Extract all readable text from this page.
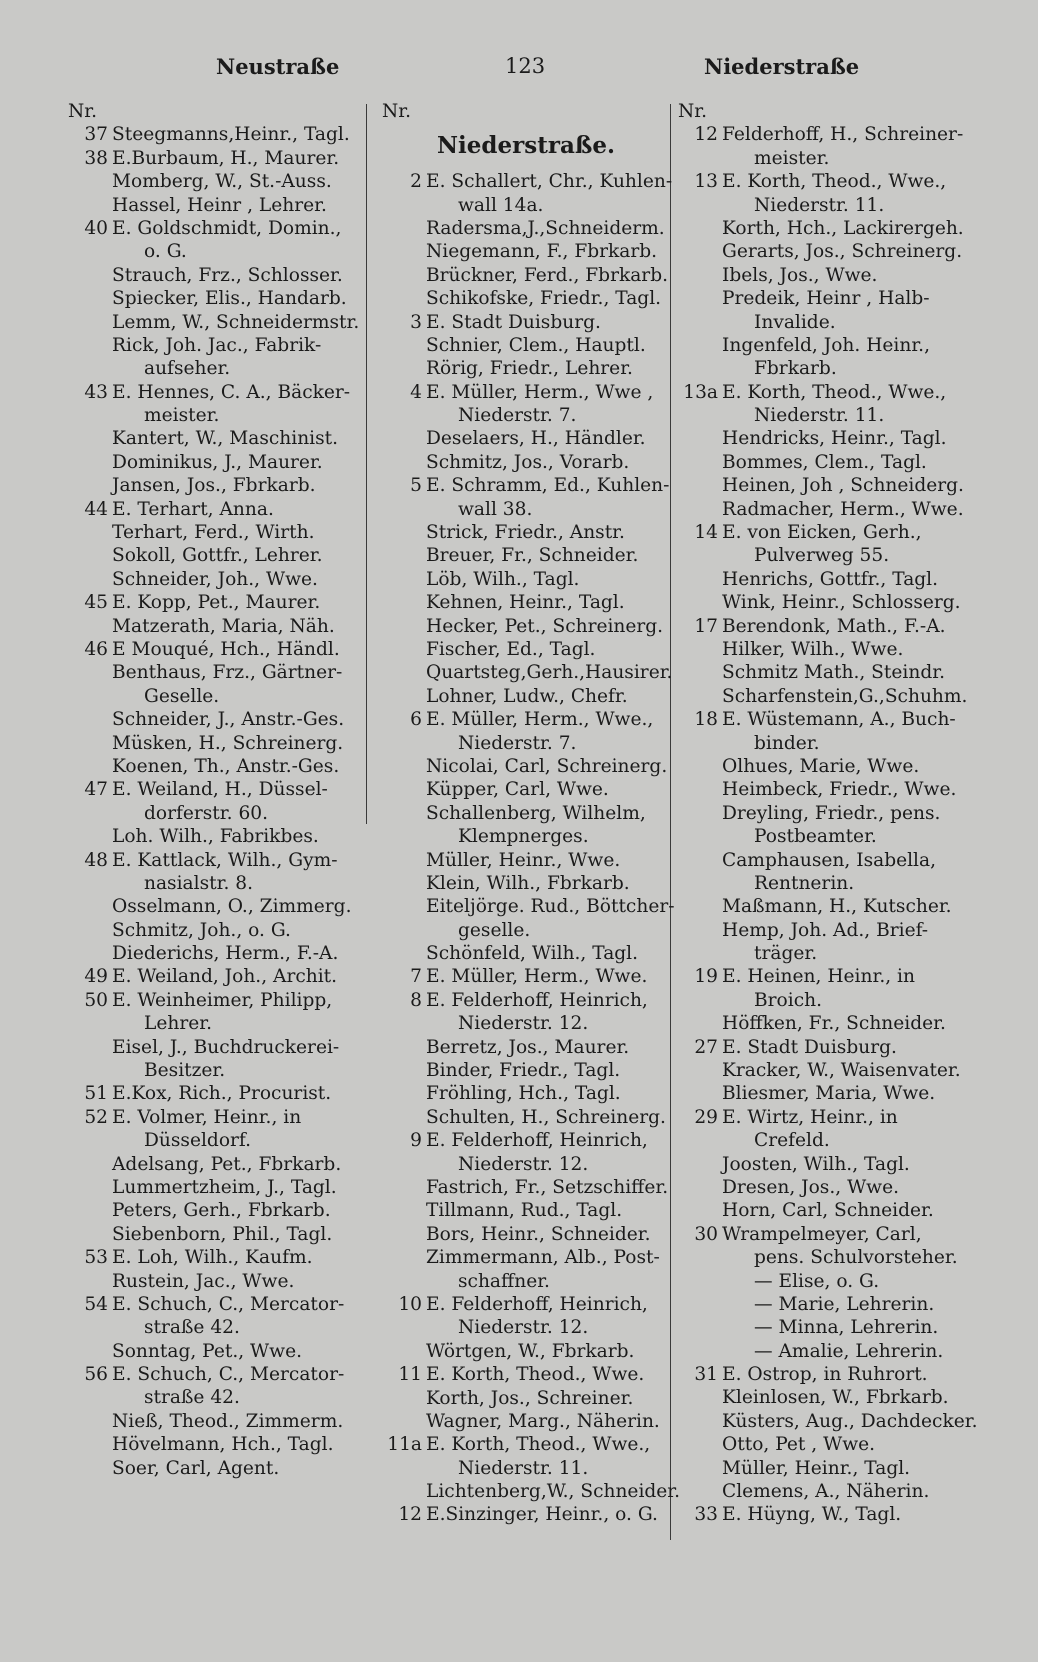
Neustraße	123	Niederstraße
Nr.
37 Steegmanns,Heinr., Tagl.
38 E.Burbaum, H., Maurer.
Momberg, W., St.-Auss.
Hassel, Heinr , Lehrer.
40 E. Goldschmidt, Domin.,
o. G.
Strauch, Frz., Schlosser.
Spiecker, Elis., Handarb.
Lemm, W., Schneidermstr.
Rick, Joh. Jac., Fabrik-
aufseher.
43 E. Hennes, C. A., Bäcker-
meister.
Kantert, W., Maschinist.
Dominikus, J., Maurer.
Jansen, Jos., Fbrkarb.
44 E. Terhart, Anna.
Terhart, Ferd., Wirth.
Sokoll, Gottfr., Lehrer.
Schneider, Joh., Wwe.
45 E. Kopp, Pet., Maurer.
Matzerath, Maria, Näh.
46 E Mouqué, Hch., Händl.
Benthaus, Frz., Gärtner-
Geselle.
Schneider, J., Anstr.-Ges.
Müsken, H., Schreinerg.
Koenen, Th., Anstr.-Ges.
47 E. Weiland, H., Düssel-
dorferstr. 60.
Loh. Wilh., Fabrikbes.
48 E. Kattlack, Wilh., Gym-
nasialstr. 8.
Osselmann, O., Zimmerg.
Schmitz, Joh., o. G.
Diederichs, Herm., F.-A.
49 E. Weiland, Joh., Archit.
50 E. Weinheimer, Philipp,
Lehrer.
Eisel, J., Buchdruckerei-
Besitzer.
51 E.Kox, Rich., Procurist.
52 E. Volmer, Heinr., in
Düsseldorf.
Adelsang, Pet., Fbrkarb.
Lummertzheim, J., Tagl.
Peters, Gerh., Fbrkarb.
Siebenborn, Phil., Tagl.
53 E. Loh, Wilh., Kaufm.
Rustein, Jac., Wwe.
54 E. Schuch, C., Mercator-
straße 42.
Sonntag, Pet., Wwe.
56 E. Schuch, C., Mercator-
straße 42.
Nieß, Theod., Zimmerm.
Hövelmann, Hch., Tagl.
Soer, Carl, Agent.
Nr.
Niederstraße.
2 E. Schallert, Chr., Kuhlen-
wall 14a.
Radersma,J.,Schneiderm.
Niegemann, F., Fbrkarb.
Brückner, Ferd., Fbrkarb.
Schikofske, Friedr., Tagl.
3 E. Stadt Duisburg.
Schnier, Clem., Hauptl.
Rörig, Friedr., Lehrer.
4 E. Müller, Herm., Wwe ,
Niederstr. 7.
Deselaers, H., Händler.
Schmitz, Jos., Vorarb.
5 E. Schramm, Ed., Kuhlen-
wall 38.
Strick, Friedr., Anstr.
Breuer, Fr., Schneider.
Löb, Wilh., Tagl.
Kehnen, Heinr., Tagl.
Hecker, Pet., Schreinerg.
Fischer, Ed., Tagl.
Quartsteg,Gerh.,Hausirer.
Lohner, Ludw., Chefr.
6 E. Müller, Herm., Wwe.,
Niederstr. 7.
Nicolai, Carl, Schreinerg.
Küpper, Carl, Wwe.
Schallenberg, Wilhelm,
Klempnerges.
Müller, Heinr., Wwe.
Klein, Wilh., Fbrkarb.
Eiteljörge. Rud., Böttcher-
geselle.
Schönfeld, Wilh., Tagl.
7 E. Müller, Herm., Wwe.
8 E. Felderhoff, Heinrich,
Niederstr. 12.
Berretz, Jos., Maurer.
Binder, Friedr., Tagl.
Fröhling, Hch., Tagl.
Schulten, H., Schreinerg.
9 E. Felderhoff, Heinrich,
Niederstr. 12.
Fastrich, Fr., Setzschiffer.
Tillmann, Rud., Tagl.
Bors, Heinr., Schneider.
Zimmermann, Alb., Post-
schaffner.
10 E. Felderhoff, Heinrich,
Niederstr. 12.
Wörtgen, W., Fbrkarb.
11 E. Korth, Theod., Wwe.
Korth, Jos., Schreiner.
Wagner, Marg., Näherin.
11a E. Korth, Theod., Wwe.,
Niederstr. 11.
Lichtenberg,W., Schneider.
12 E.Sinzinger, Heinr., o. G.
Nr.
12 Felderhoff, H., Schreiner-
meister.
13 E. Korth, Theod., Wwe.,
Niederstr. 11.
Korth, Hch., Lackirergeh.
Gerarts, Jos., Schreinerg.
Ibels, Jos., Wwe.
Predeik, Heinr , Halb-
Invalide.
Ingenfeld, Joh. Heinr.,
Fbrkarb.
13a E. Korth, Theod., Wwe.,
Niederstr. 11.
Hendricks, Heinr., Tagl.
Bommes, Clem., Tagl.
Heinen, Joh , Schneiderg.
Radmacher, Herm., Wwe.
14 E. von Eicken, Gerh.,
Pulverweg 55.
Henrichs, Gottfr., Tagl.
Wink, Heinr., Schlosserg.
17 Berendonk, Math., F.-A.
Hilker, Wilh., Wwe.
Schmitz Math., Steindr.
Scharfenstein,G.,Schuhm.
18 E. Wüstemann, A., Buch-
binder.
Olhues, Marie, Wwe.
Heimbeck, Friedr., Wwe.
Dreyling, Friedr., pens.
Postbeamter.
Camphausen, Isabella,
Rentnerin.
Maßmann, H., Kutscher.
Hemp, Joh. Ad., Brief-
träger.
19 E. Heinen, Heinr., in
Broich.
Höffken, Fr., Schneider.
27 E. Stadt Duisburg.
Kracker, W., Waisenvater.
Bliesmer, Maria, Wwe.
29 E. Wirtz, Heinr., in
Crefeld.
Joosten, Wilh., Tagl.
Dresen, Jos., Wwe.
Horn, Carl, Schneider.
30 Wrampelmeyer, Carl,
pens. Schulvorsteher.
— Elise, o. G.
— Marie, Lehrerin.
— Minna, Lehrerin.
— Amalie, Lehrerin.
31 E. Ostrop, in Ruhrort.
Kleinlosen, W., Fbrkarb.
Küsters, Aug., Dachdecker.
Otto, Pet , Wwe.
Müller, Heinr., Tagl.
Clemens, A., Näherin.
33 E. Hüyng, W., Tagl.
